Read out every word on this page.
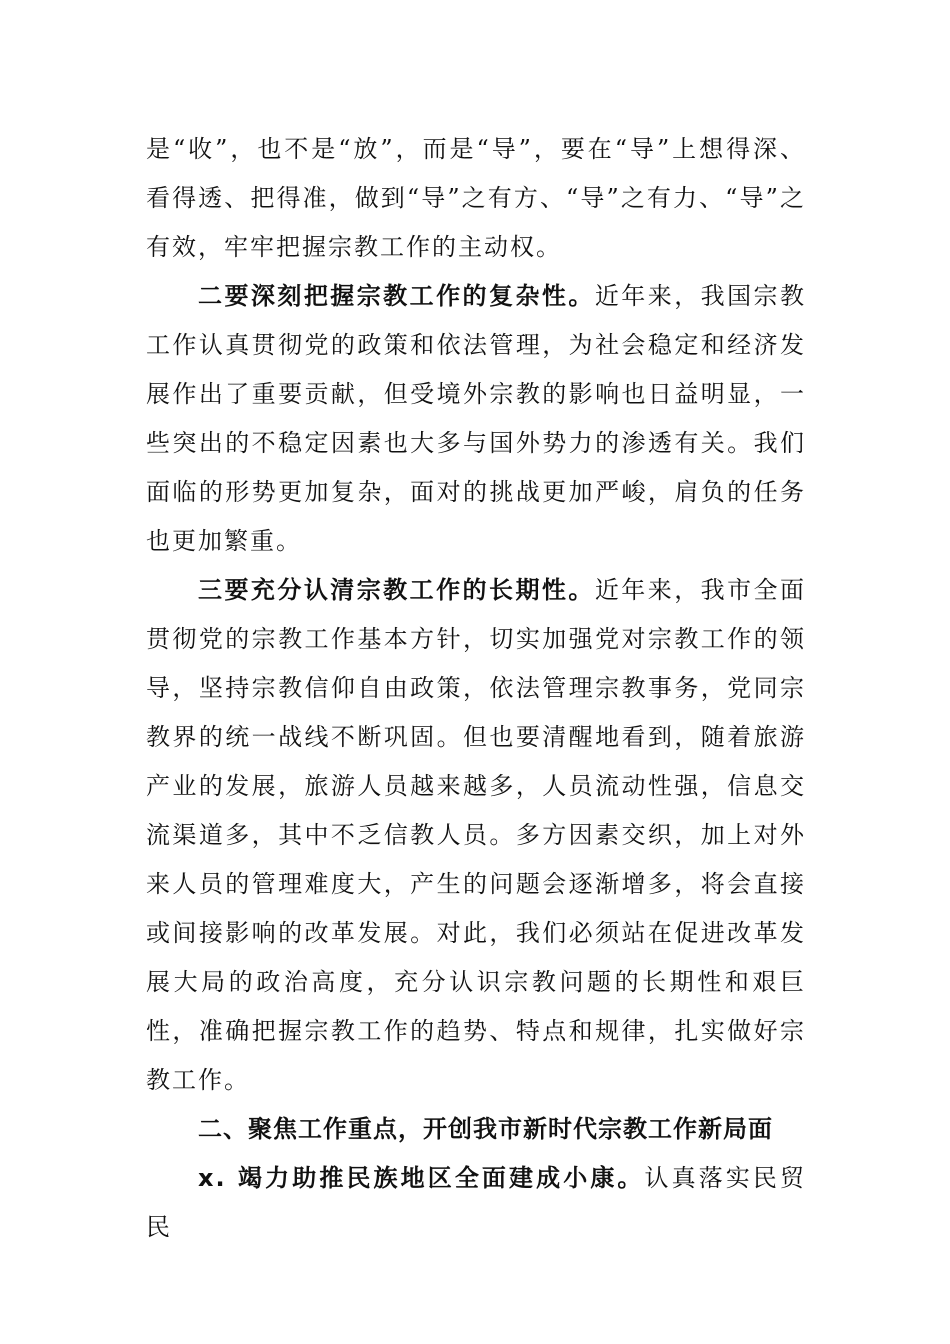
是“收”，也不是“放”，而是“导”，要在“导”上想得深、看得透、把得准，做到“导”之有方、“导”之有力、“导”之有效，牢牢把握宗教工作的主动权。

二要深刻把握宗教工作的复杂性。近年来，我国宗教工作认真贯彻党的政策和依法管理，为社会稳定和经济发展作出了重要贡献，但受境外宗教的影响也日益明显，一些突出的不稳定因素也大多与国外势力的渗透有关。我们面临的形势更加复杂，面对的挑战更加严峻，肩负的任务也更加繁重。

三要充分认清宗教工作的长期性。近年来，我市全面贯彻党的宗教工作基本方针，切实加强党对宗教工作的领导，坚持宗教信仰自由政策，依法管理宗教事务，党同宗教界的统一战线不断巩固。但也要清醒地看到，随着旅游产业的发展，旅游人员越来越多，人员流动性强，信息交流渠道多，其中不乏信教人员。多方因素交织，加上对外来人员的管理难度大，产生的问题会逐渐增多，将会直接或间接影响的改革发展。对此，我们必须站在促进改革发展大局的政治高度，充分认识宗教问题的长期性和艰巨性，准确把握宗教工作的趋势、特点和规律，扎实做好宗教工作。

二、聚焦工作重点，开创我市新时代宗教工作新局面

x. 竭力助推民族地区全面建成小康。认真落实民贸民
